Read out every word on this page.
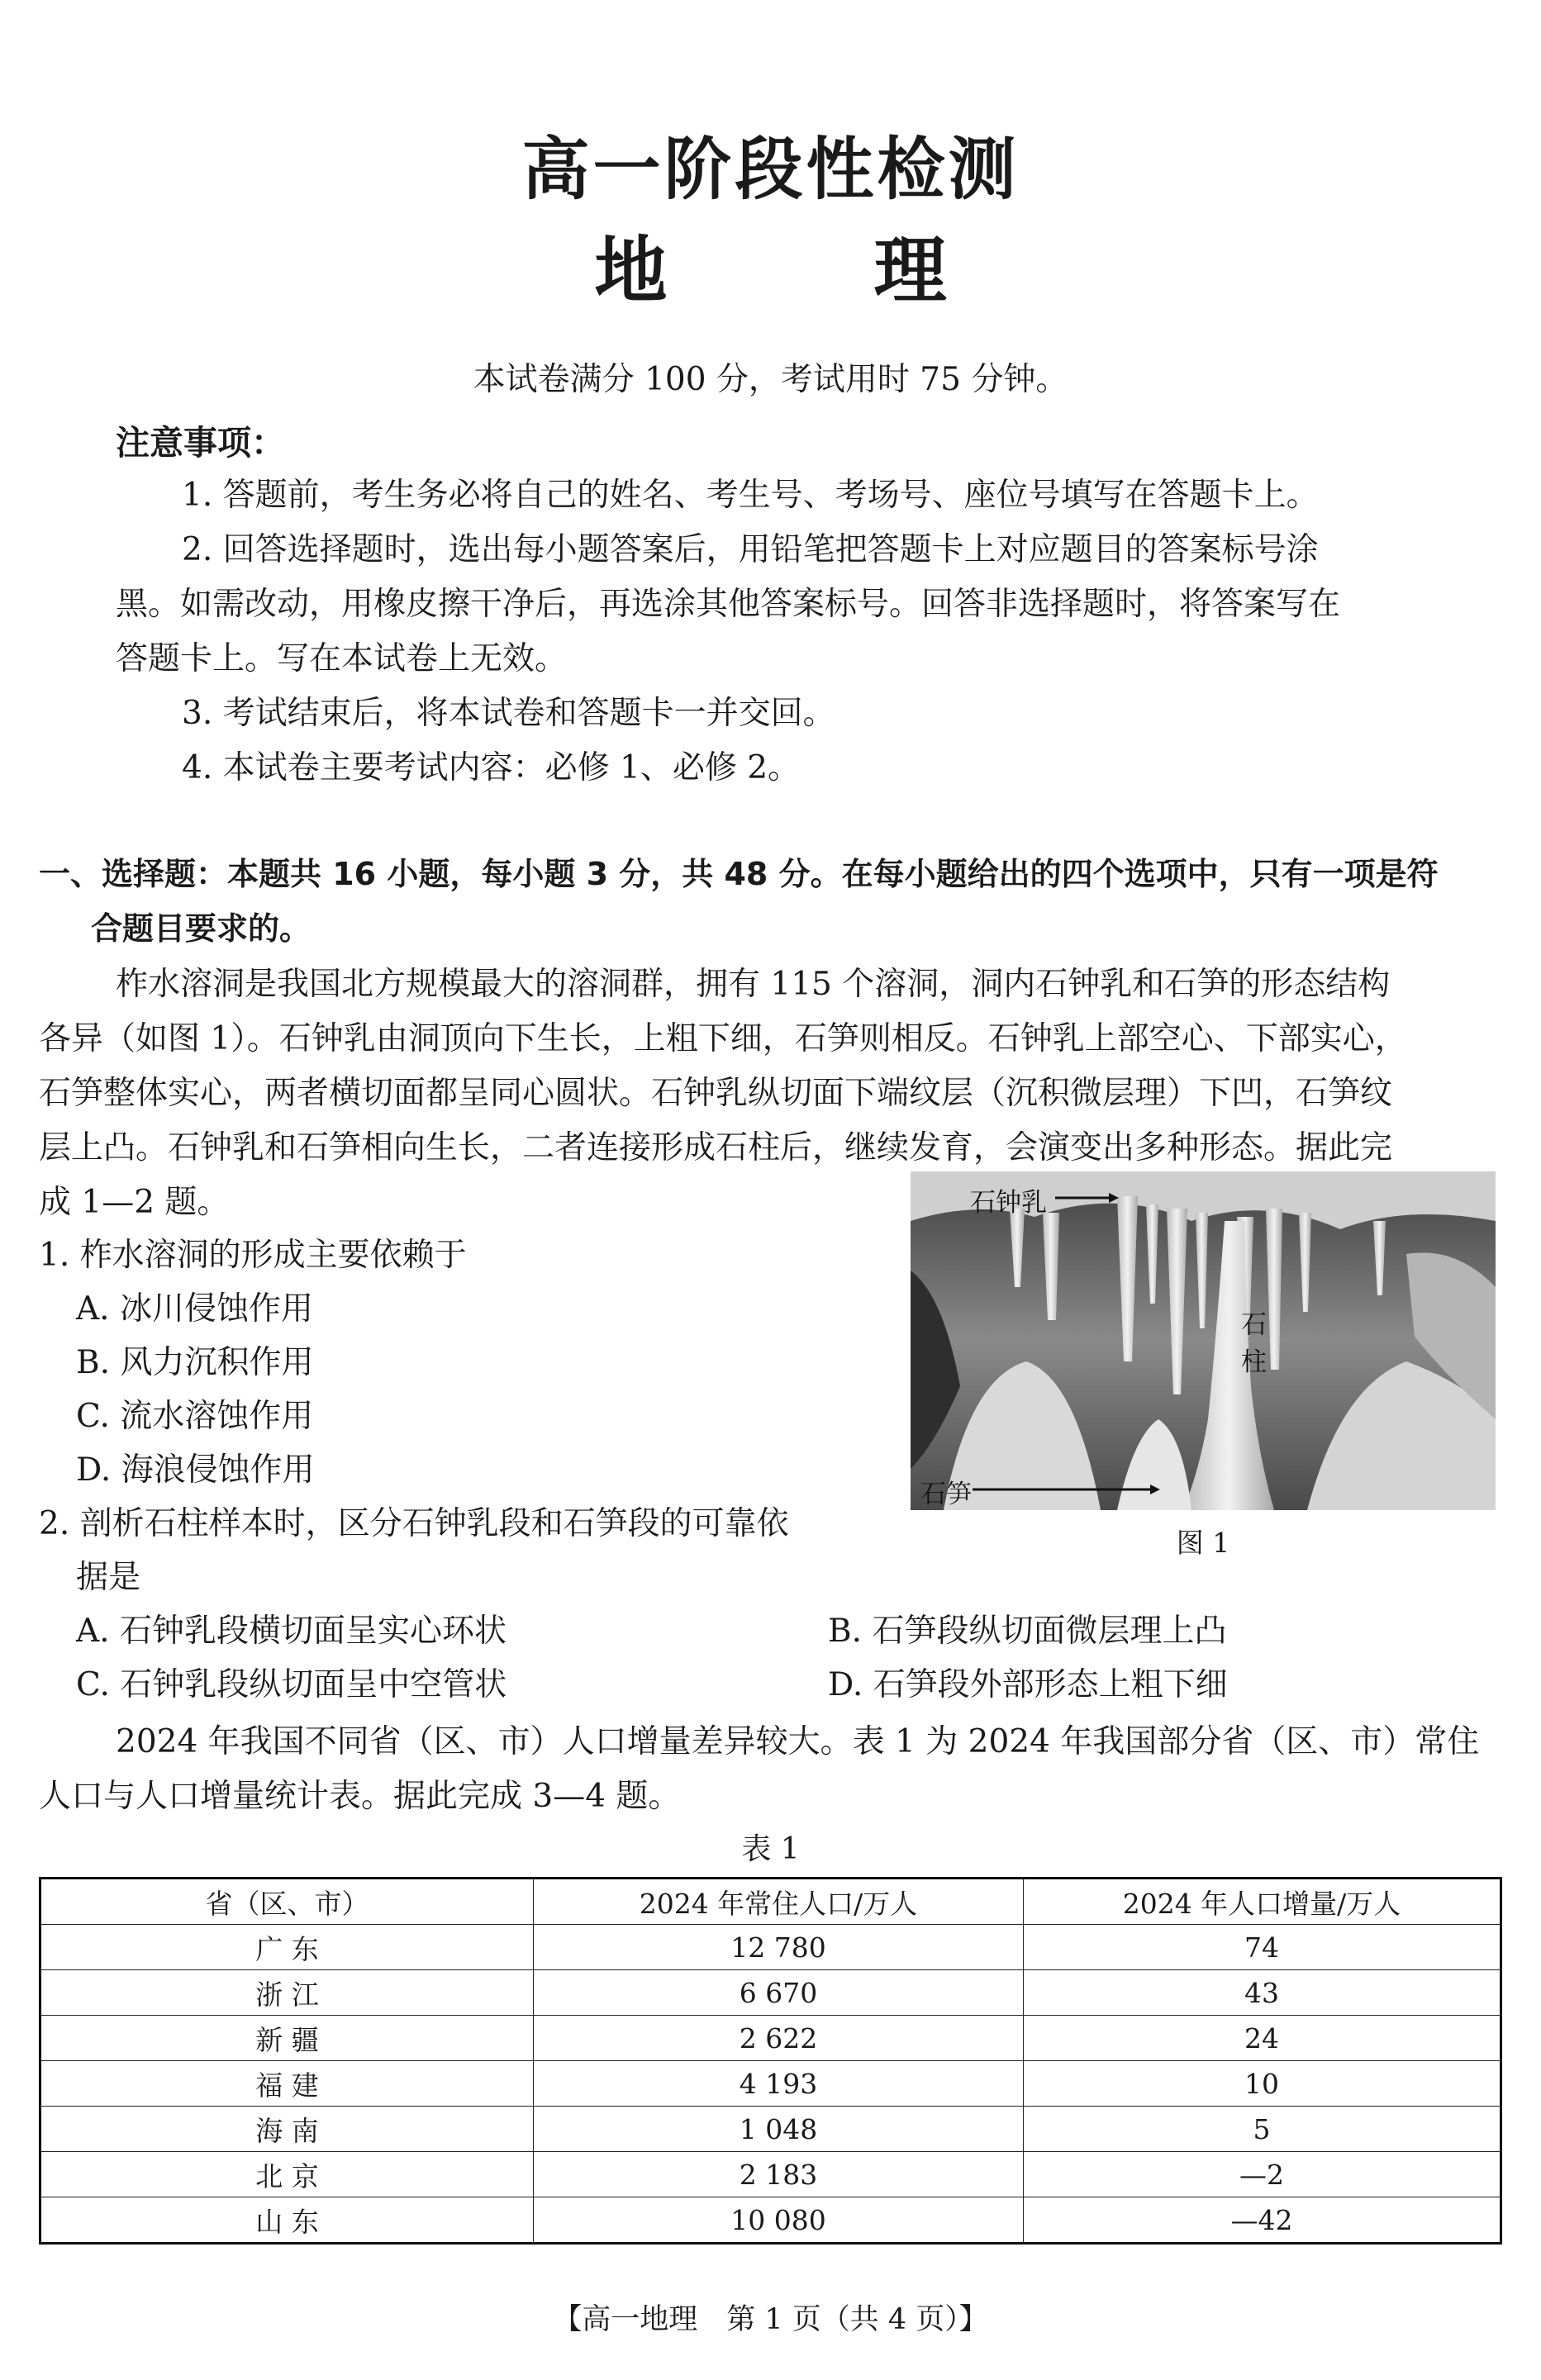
高一阶段性检测
地	理
本试卷满分 100 分，考试用时 75 分钟。
注意事项：
1. 答题前，考生务必将自己的姓名、考生号、考场号、座位号填写在答题卡上。
2. 回答选择题时，选出每小题答案后，用铅笔把答题卡上对应题目的答案标号涂
黑。如需改动，用橡皮擦干净后，再选涂其他答案标号。回答非选择题时，将答案写在
答题卡上。写在本试卷上无效。
3. 考试结束后，将本试卷和答题卡一并交回。
4. 本试卷主要考试内容：必修 1、必修 2。
一、选择题：本题共 16 小题，每小题 3 分，共 48 分。在每小题给出的四个选项中，只有一项是符
合题目要求的。
柞水溶洞是我国北方规模最大的溶洞群，拥有 115 个溶洞，洞内石钟乳和石笋的形态结构
各异（如图 1）。石钟乳由洞顶向下生长，上粗下细，石笋则相反。石钟乳上部空心、下部实心，
石笋整体实心，两者横切面都呈同心圆状。石钟乳纵切面下端纹层（沉积微层理）下凹，石笋纹
层上凸。石钟乳和石笋相向生长，二者连接形成石柱后，继续发育，会演变出多种形态。据此完
成 1—2 题。
1. 柞水溶洞的形成主要依赖于
A. 冰川侵蚀作用
B. 风力沉积作用
C. 流水溶蚀作用
D. 海浪侵蚀作用
2. 剖析石柱样本时，区分石钟乳段和石笋段的可靠依
据是
A. 石钟乳段横切面呈实心环状	B. 石笋段纵切面微层理上凸
C. 石钟乳段纵切面呈中空管状	D. 石笋段外部形态上粗下细
石钟乳
石
柱
石笋
图 1
2024 年我国不同省（区、市）人口增量差异较大。表 1 为 2024 年我国部分省（区、市）常住
人口与人口增量统计表。据此完成 3—4 题。
表 1
省（区、市）	2024 年常住人口/万人	2024 年人口增量/万人
广 东	12 780	74
浙 江	6 670	43
新 疆	2 622	24
福 建	4 193	10
海 南	1 048	5
北 京	2 183	—2
山 东	10 080	—42
【高一地理　第 1 页（共 4 页）】
